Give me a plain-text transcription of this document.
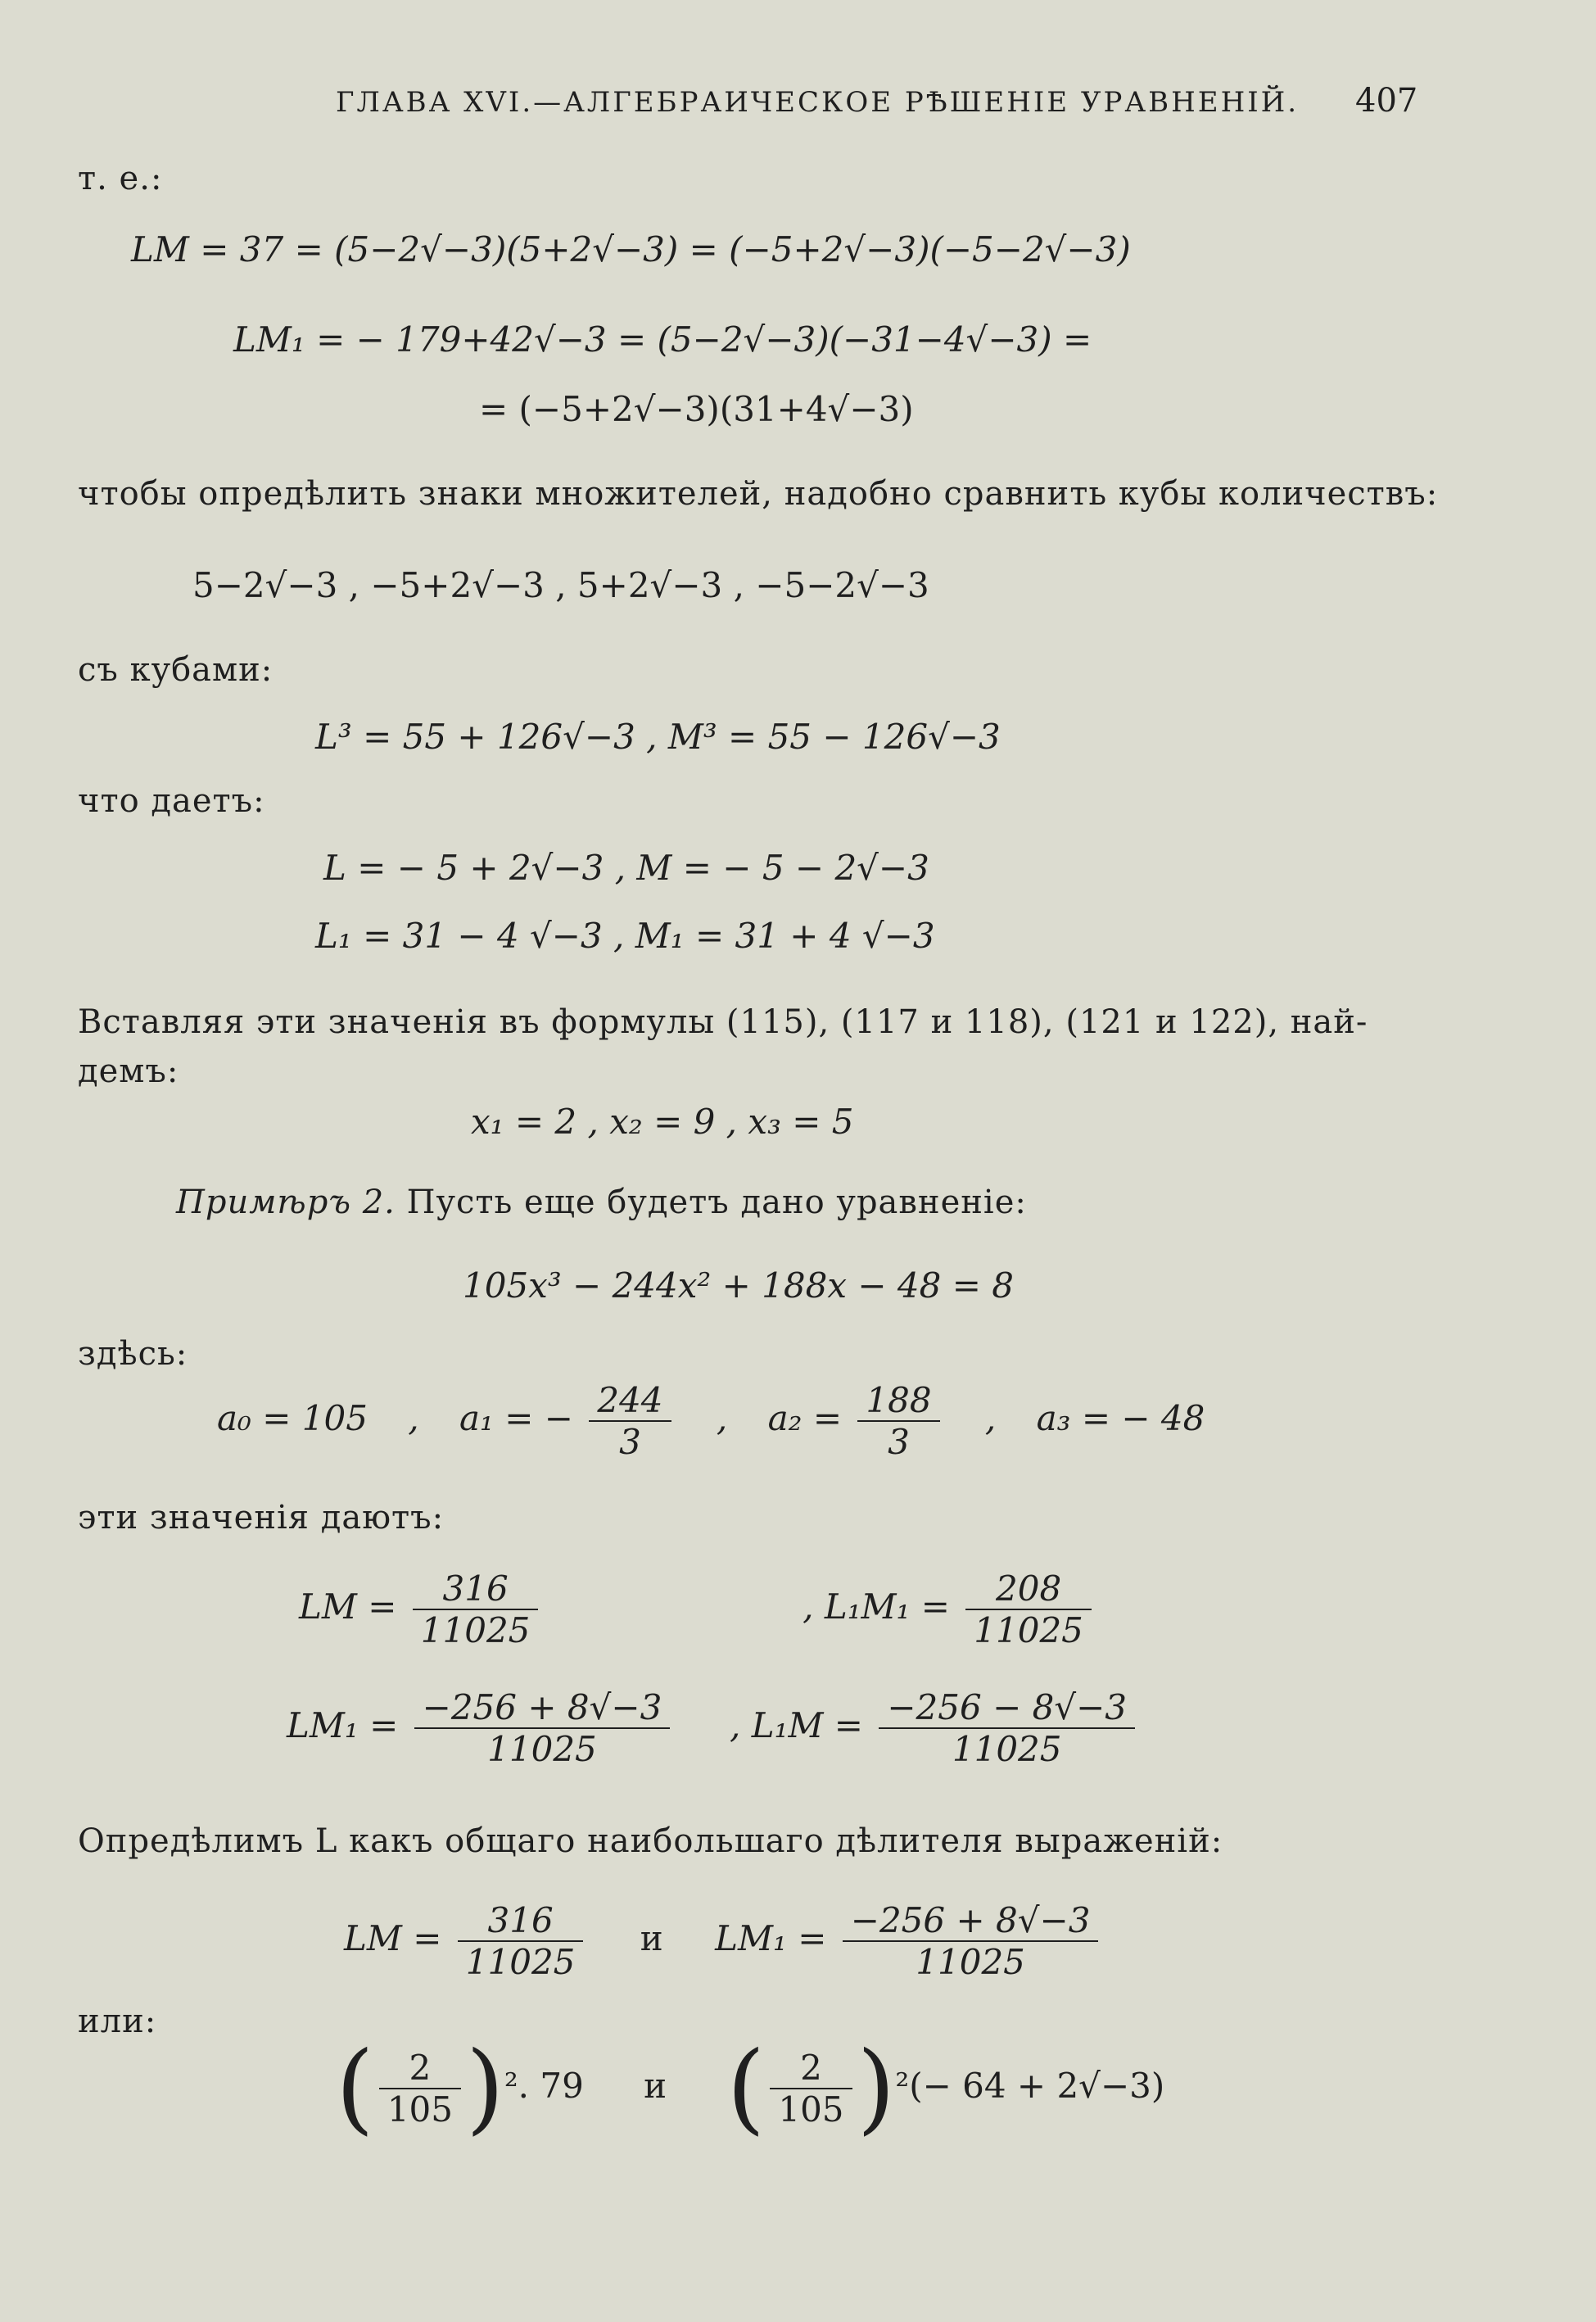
ГЛАВА XVI.—АЛГЕБРАИЧЕСКОЕ РѢШЕНІЕ УРАВНЕНІЙ. 407
т. е.:
LM = 37 = (5−2√−3)(5+2√−3) = (−5+2√−3)(−5−2√−3)
LM₁ = − 179+42√−3 = (5−2√−3)(−31−4√−3) =
= (−5+2√−3)(31+4√−3)
чтобы опредѣлить знаки множителей, надобно сравнить кубы количествъ:
5−2√−3 , −5+2√−3 , 5+2√−3 , −5−2√−3
съ кубами:
L³ = 55 + 126√−3 , M³ = 55 − 126√−3
что даетъ:
L = − 5 + 2√−3 , M = − 5 − 2√−3
L₁ = 31 − 4 √−3 , M₁ = 31 + 4 √−3
Вставляя эти значенія въ формулы (115), (117 и 118), (121 и 122), най-
демъ:
x₁ = 2 , x₂ = 9 , x₃ = 5
Примѣръ 2. Пусть еще будетъ дано уравненіе:
105x³ − 244x² + 188x − 48 = 8
здѣсь:
a₀ = 105 , a₁ = − $\frac{244}{3}$ , $a_2 = \frac{188}{3}$ , a₃ = − 48
эти значенія даютъ:
LM = $\frac{316}{11025}$	, $L_1M_1 = \frac{208}{11025}$
$LM_1 = \frac{-256 + 8√-3}{11025}$ , $L_1M = \frac{-256 - 8√-3}{11025}$
Опредѣлимъ L какъ общаго наибольшаго дѣлителя выраженій:
LM = $\frac{316}{11025}$ и $LM_1 = \frac{-256 + 8√-3}{11025}$
или:
( $\frac{2}{105} )^2$. 79 и ( $\frac{2}{105} )^2(- 64 + 2√-3)$
